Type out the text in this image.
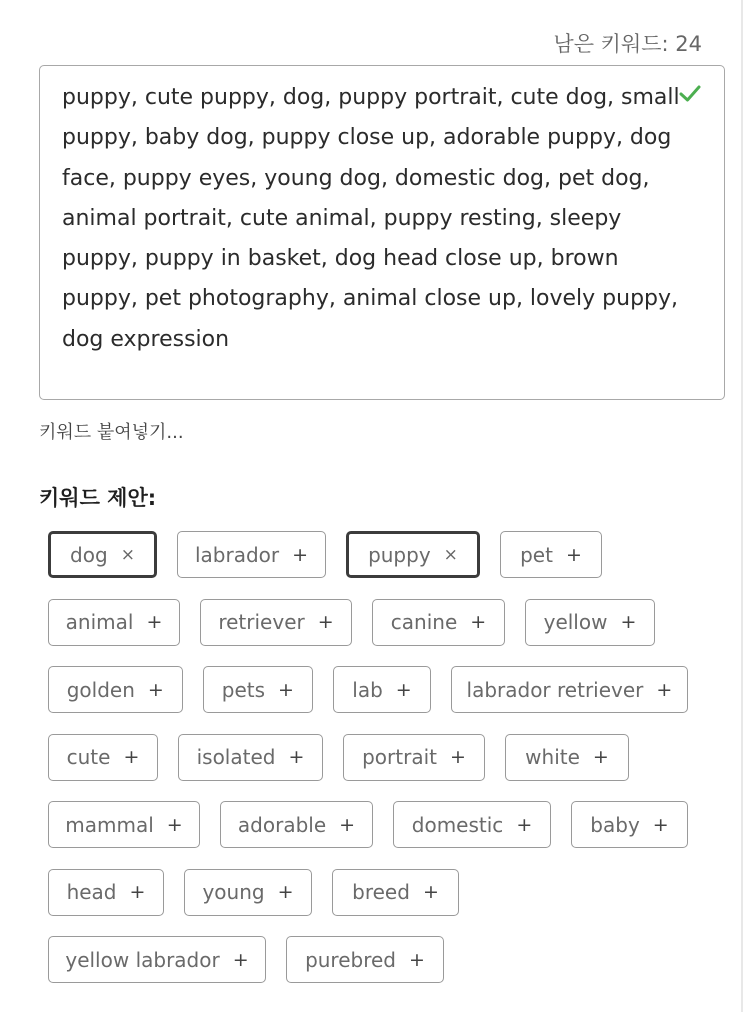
남은 키워드: 24
puppy, cute puppy, dog, puppy portrait, cute dog, small puppy, baby dog, puppy close up, adorable puppy, dog face, puppy eyes, young dog, domestic dog, pet dog, animal portrait, cute animal, puppy resting, sleepy puppy, puppy in basket, dog head close up, brown puppy, pet photography, animal close up, lovely puppy, dog expression
키워드 붙여넣기...
키워드 제안:
dog ×	labrador +	puppy ×	pet +
animal +	retriever +	canine +	yellow +
golden +	pets +	lab +	labrador retriever +
cute +	isolated +	portrait +	white +
mammal +	adorable +	domestic +	baby +
head +	young +	breed +
yellow labrador +	purebred +
